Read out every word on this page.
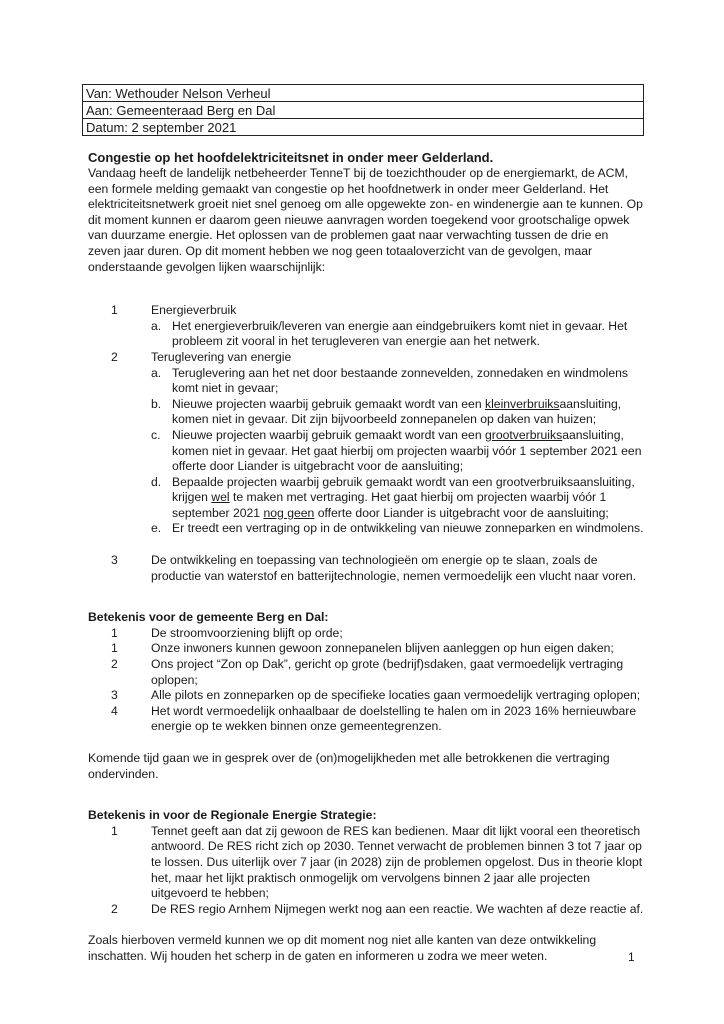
Van: Wethouder Nelson Verheul
Aan: Gemeenteraad Berg en Dal
Datum: 2 september 2021

Congestie op het hoofdelektriciteitsnet in onder meer Gelderland.

Vandaag heeft de landelijk netbeheerder TenneT bij de toezichthouder op de energiemarkt, de ACM, een formele melding gemaakt van congestie op het hoofdnetwerk in onder meer Gelderland. Het elektriciteitsnetwerk groeit niet snel genoeg om alle opgewekte zon- en windenergie aan te kunnen. Op dit moment kunnen er daarom geen nieuwe aanvragen worden toegekend voor grootschalige opwek van duurzame energie. Het oplossen van de problemen gaat naar verwachting tussen de drie en zeven jaar duren. Op dit moment hebben we nog geen totaaloverzicht van de gevolgen, maar onderstaande gevolgen lijken waarschijnlijk:

1	Energieverbruik
a. Het energieverbruik/leveren van energie aan eindgebruikers komt niet in gevaar. Het probleem zit vooral in het terugleveren van energie aan het netwerk.
2	Teruglevering van energie
a. Teruglevering aan het net door bestaande zonnevelden, zonnedaken en windmolens komt niet in gevaar;
b. Nieuwe projecten waarbij gebruik gemaakt wordt van een kleinverbruiksaansluiting, komen niet in gevaar. Dit zijn bijvoorbeeld zonnepanelen op daken van huizen;
c. Nieuwe projecten waarbij gebruik gemaakt wordt van een grootverbruiksaansluiting, komen niet in gevaar. Het gaat hierbij om projecten waarbij vóór 1 september 2021 een offerte door Liander is uitgebracht voor de aansluiting;
d. Bepaalde projecten waarbij gebruik gemaakt wordt van een grootverbruiksaansluiting, krijgen wel te maken met vertraging. Het gaat hierbij om projecten waarbij vóór 1 september 2021 nog geen offerte door Liander is uitgebracht voor de aansluiting;
e. Er treedt een vertraging op in de ontwikkeling van nieuwe zonneparken en windmolens.
3	De ontwikkeling en toepassing van technologieën om energie op te slaan, zoals de productie van waterstof en batterijtechnologie, nemen vermoedelijk een vlucht naar voren.

Betekenis voor de gemeente Berg en Dal:

1	De stroomvoorziening blijft op orde;
1	Onze inwoners kunnen gewoon zonnepanelen blijven aanleggen op hun eigen daken;
2	Ons project “Zon op Dak”, gericht op grote (bedrijf)sdaken, gaat vermoedelijk vertraging oplopen;
3	Alle pilots en zonneparken op de specifieke locaties gaan vermoedelijk vertraging oplopen;
4	Het wordt vermoedelijk onhaalbaar de doelstelling te halen om in 2023 16% hernieuwbare energie op te wekken binnen onze gemeentegrenzen.

Komende tijd gaan we in gesprek over de (on)mogelijkheden met alle betrokkenen die vertraging ondervinden.

Betekenis in voor de Regionale Energie Strategie:

1	Tennet geeft aan dat zij gewoon de RES kan bedienen. Maar dit lijkt vooral een theoretisch antwoord. De RES richt zich op 2030. Tennet verwacht de problemen binnen 3 tot 7 jaar op te lossen. Dus uiterlijk over 7 jaar (in 2028) zijn de problemen opgelost. Dus in theorie klopt het, maar het lijkt praktisch onmogelijk om vervolgens binnen 2 jaar alle projecten uitgevoerd te hebben;
2	De RES regio Arnhem Nijmegen werkt nog aan een reactie. We wachten af deze reactie af.

Zoals hierboven vermeld kunnen we op dit moment nog niet alle kanten van deze ontwikkeling inschatten. Wij houden het scherp in de gaten en informeren u zodra we meer weten.	1
